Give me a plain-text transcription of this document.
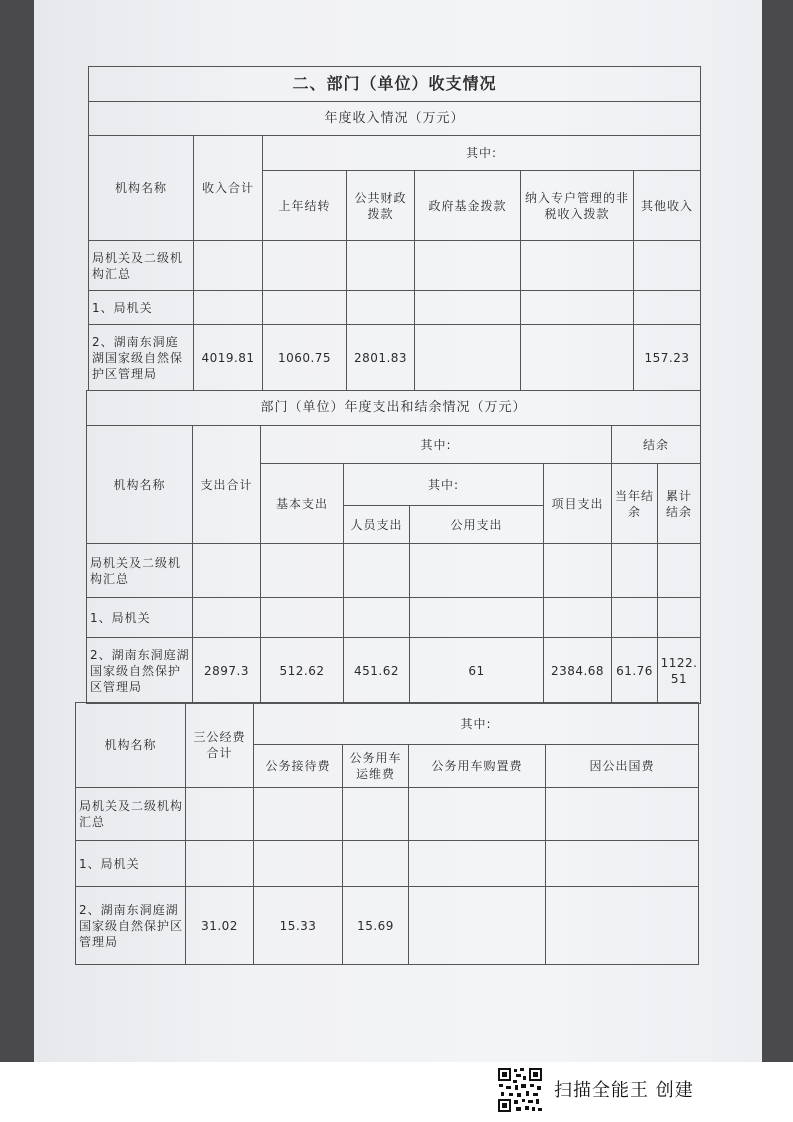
二、部门（单位）收支情况						
年度收入情况（万元）						
机构名称	收入合计	其中:				
		上年结转	公共财政拨款	政府基金拨款	纳入专户管理的非税收入拨款	其他收入
局机关及二级机构汇总						
1、局机关						
2、湖南东洞庭湖国家级自然保护区管理局	4019.81	1060.75	2801.83			157.23
部门（单位）年度支出和结余情况（万元）							
机构名称	支出合计	其中:				结余	
		基本支出	其中:		项目支出	当年结余	累计结余
			人员支出	公用支出			
局机关及二级机构汇总							
1、局机关							
2、湖南东洞庭湖国家级自然保护区管理局	2897.3	512.62	451.62	61	2384.68	61.76	1122.51
机构名称	三公经费合计	其中:			
		公务接待费	公务用车运维费	公务用车购置费	因公出国费
局机关及二级机构汇总					
1、局机关					
2、湖南东洞庭湖国家级自然保护区管理局	31.02	15.33	15.69		
扫描全能王 创建
